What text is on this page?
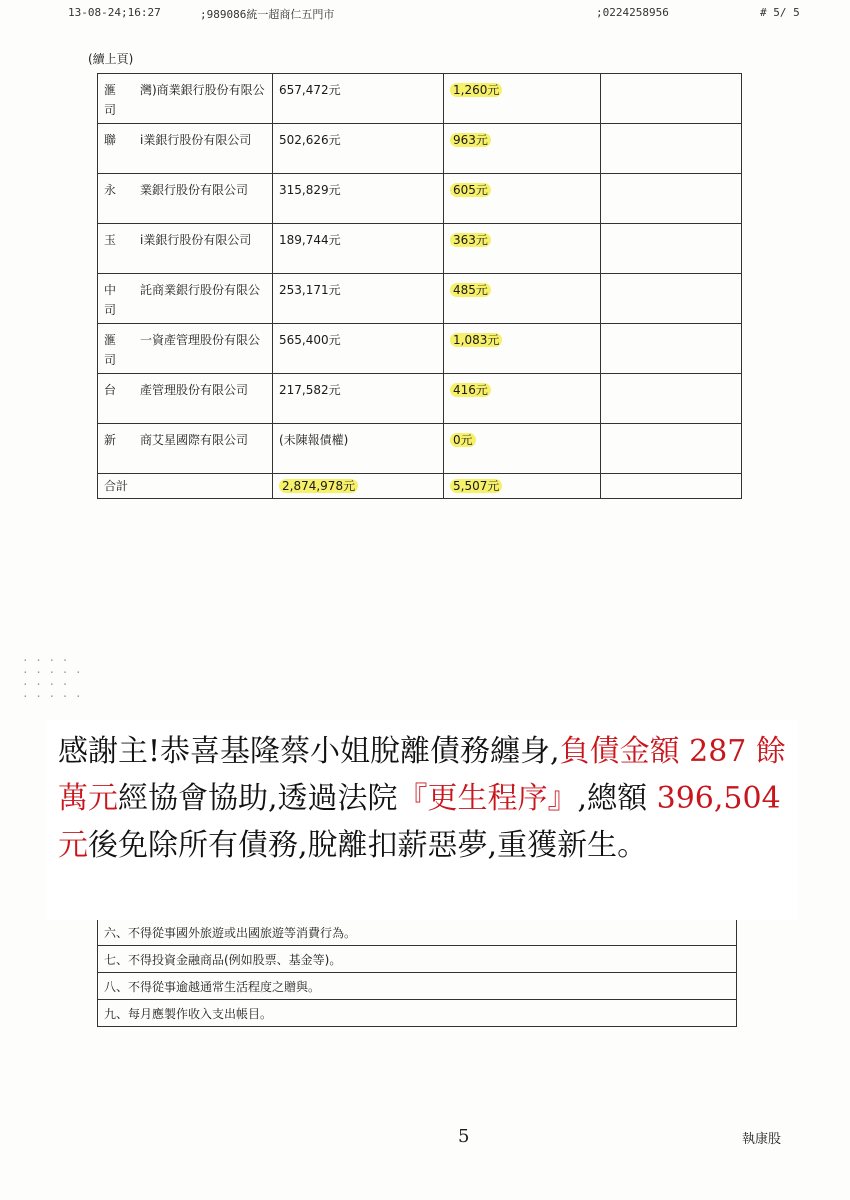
13-08-24;16:27	;989086統一超商仁五門市	;0224258956	# 5/ 5
(續上頁)
滙　　灣)商業銀行股份有限公司	657,472元	1,260元	
聯　　i業銀行股份有限公司	502,626元	963元	
永　　業銀行股份有限公司	315,829元	605元	
玉　　i業銀行股份有限公司	189,744元	363元	
中　　託商業銀行股份有限公司	253,171元	485元	
滙　　一資產管理股份有限公司	565,400元	1,083元	
台　　產管理股份有限公司	217,582元	416元	
新　　商艾星國際有限公司	(未陳報債權)	0元	
合計	2,874,978元	5,507元	
· · · ·
· · · · ·
· · · ·
· · · · ·
六、不得從事國外旅遊或出國旅遊等消費行為。
七、不得投資金融商品(例如股票、基金等)。
八、不得從事逾越通常生活程度之贈與。
九、每月應製作收入支出帳目。
感謝主!恭喜基隆蔡小姐脫離債務纏身,負債金額 287 餘萬元經協會協助,透過法院『更生程序』,總額 396,504 元後免除所有債務,脫離扣薪惡夢,重獲新生。
5	執康股
